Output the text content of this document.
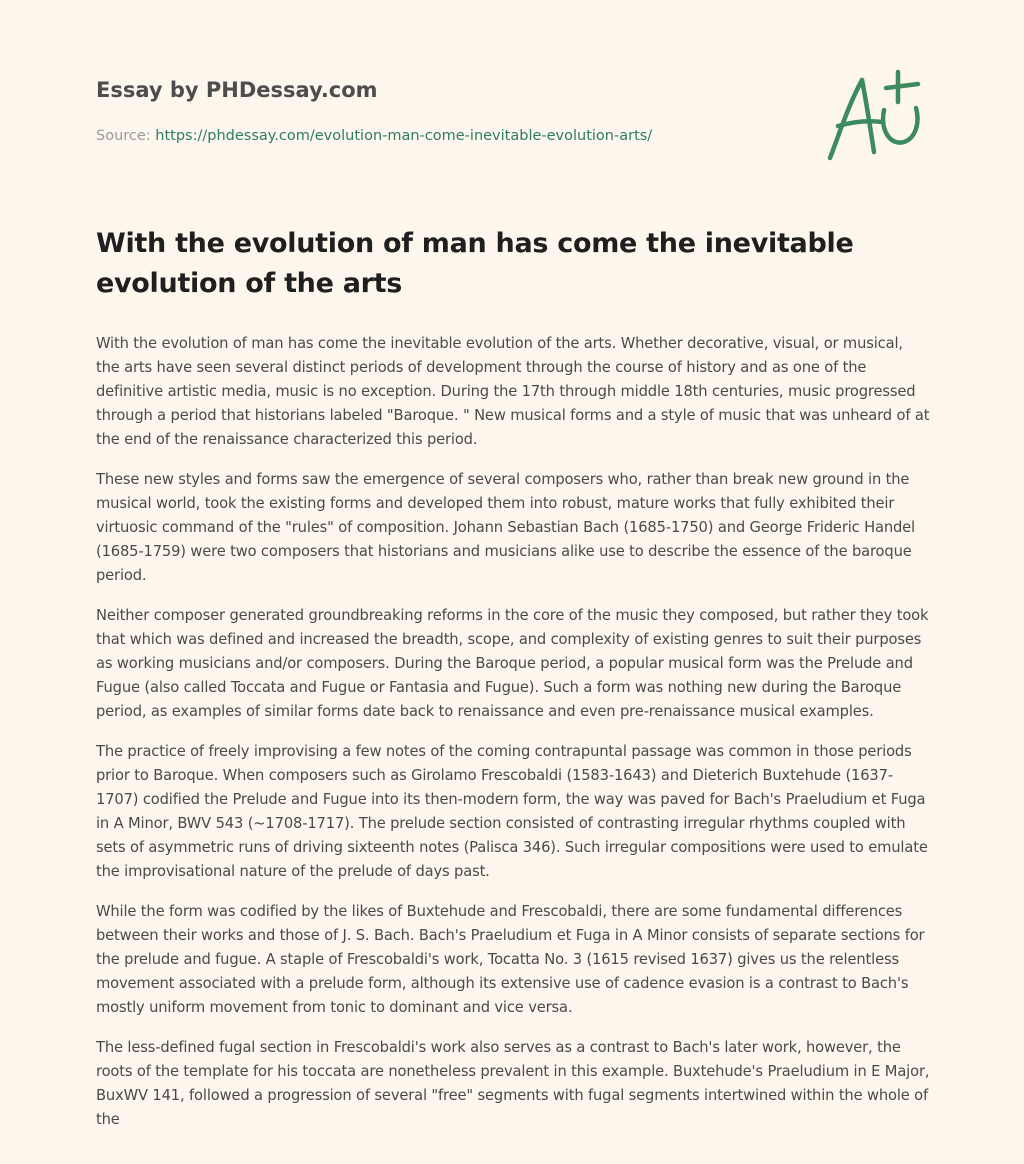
Essay by PHDessay.com
Source: https://phdessay.com/evolution-man-come-inevitable-evolution-arts/
With the evolution of man has come the inevitable evolution of the arts

With the evolution of man has come the inevitable evolution of the arts. Whether decorative, visual, or musical, the arts have seen several distinct periods of development through the course of history and as one of the definitive artistic media, music is no exception. During the 17th through middle 18th centuries, music progressed through a period that historians labeled "Baroque. " New musical forms and a style of music that was unheard of at the end of the renaissance characterized this period.

These new styles and forms saw the emergence of several composers who, rather than break new ground in the musical world, took the existing forms and developed them into robust, mature works that fully exhibited their virtuosic command of the "rules" of composition. Johann Sebastian Bach (1685-1750) and George Frideric Handel (1685-1759) were two composers that historians and musicians alike use to describe the essence of the baroque period.

Neither composer generated groundbreaking reforms in the core of the music they composed, but rather they took that which was defined and increased the breadth, scope, and complexity of existing genres to suit their purposes as working musicians and/or composers. During the Baroque period, a popular musical form was the Prelude and Fugue (also called Toccata and Fugue or Fantasia and Fugue). Such a form was nothing new during the Baroque period, as examples of similar forms date back to renaissance and even pre-renaissance musical examples.

The practice of freely improvising a few notes of the coming contrapuntal passage was common in those periods prior to Baroque. When composers such as Girolamo Frescobaldi (1583-1643) and Dieterich Buxtehude (1637-1707) codified the Prelude and Fugue into its then-modern form, the way was paved for Bach's Praeludium et Fuga in A Minor, BWV 543 (~1708-1717). The prelude section consisted of contrasting irregular rhythms coupled with sets of asymmetric runs of driving sixteenth notes (Palisca 346). Such irregular compositions were used to emulate the improvisational nature of the prelude of days past.

While the form was codified by the likes of Buxtehude and Frescobaldi, there are some fundamental differences between their works and those of J. S. Bach. Bach's Praeludium et Fuga in A Minor consists of separate sections for the prelude and fugue. A staple of Frescobaldi's work, Tocatta No. 3 (1615 revised 1637) gives us the relentless movement associated with a prelude form, although its extensive use of cadence evasion is a contrast to Bach's mostly uniform movement from tonic to dominant and vice versa.

The less-defined fugal section in Frescobaldi's work also serves as a contrast to Bach's later work, however, the roots of the template for his toccata are nonetheless prevalent in this example. Buxtehude's Praeludium in E Major, BuxWV 141, followed a progression of several "free" segments with fugal segments intertwined within the whole of the
